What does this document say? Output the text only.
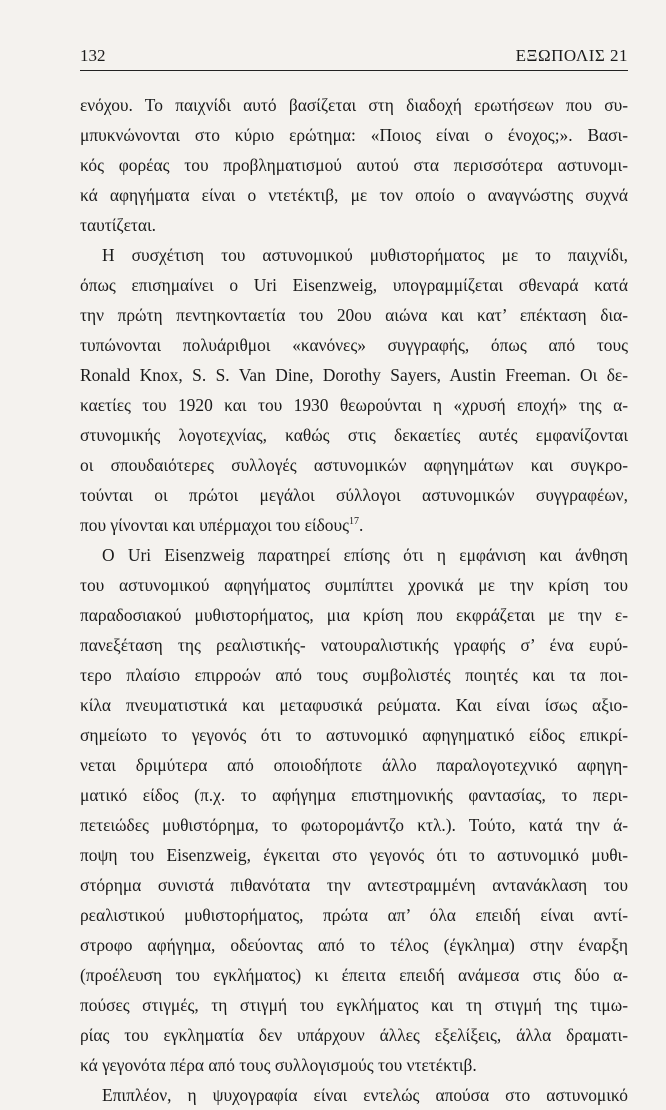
132	ΕΞΩΠΟΛΙΣ 21
ενόχου. Το παιχνίδι αυτό βασίζεται στη διαδοχή ερωτήσεων που συ-
μπυκνώνονται στο κύριο ερώτημα: «Ποιος είναι ο ένοχος;». Βασι-
κός φορέας του προβληματισμού αυτού στα περισσότερα αστυνομι-
κά αφηγήματα είναι ο ντετέκτιβ, με τον οποίο ο αναγνώστης συχνά
ταυτίζεται.
Η συσχέτιση του αστυνομικού μυθιστορήματος με το παιχνίδι,
όπως επισημαίνει ο Uri Eisenzweig, υπογραμμίζεται σθεναρά κατά
την πρώτη πεντηκονταετία του 20ου αιώνα και κατ’ επέκταση δια-
τυπώνονται πολυάριθμοι «κανόνες» συγγραφής, όπως από τους
Ronald Knox, S. S. Van Dine, Dorothy Sayers, Austin Freeman. Οι δε-
καετίες του 1920 και του 1930 θεωρούνται η «χρυσή εποχή» της α-
στυνομικής λογοτεχνίας, καθώς στις δεκαετίες αυτές εμφανίζονται
οι σπουδαιότερες συλλογές αστυνομικών αφηγημάτων και συγκρο-
τούνται οι πρώτοι μεγάλοι σύλλογοι αστυνομικών συγγραφέων,
που γίνονται και υπέρμαχοι του είδους$^{17}$.
Ο Uri Eisenzweig παρατηρεί επίσης ότι η εμφάνιση και άνθηση
του αστυνομικού αφηγήματος συμπίπτει χρονικά με την κρίση του
παραδοσιακού μυθιστορήματος, μια κρίση που εκφράζεται με την ε-
πανεξέταση της ρεαλιστικής- νατουραλιστικής γραφής σ’ ένα ευρύ-
τερο πλαίσιο επιρροών από τους συμβολιστές ποιητές και τα ποι-
κίλα πνευματιστικά και μεταφυσικά ρεύματα. Και είναι ίσως αξιο-
σημείωτο το γεγονός ότι το αστυνομικό αφηγηματικό είδος επικρί-
νεται δριμύτερα από οποιοδήποτε άλλο παραλογοτεχνικό αφηγη-
ματικό είδος (π.χ. το αφήγημα επιστημονικής φαντασίας, το περι-
πετειώδες μυθιστόρημα, το φωτορομάντζο κτλ.). Τούτο, κατά την ά-
ποψη του Eisenzweig, έγκειται στο γεγονός ότι το αστυνομικό μυθι-
στόρημα συνιστά πιθανότατα την αντεστραμμένη αντανάκλαση του
ρεαλιστικού μυθιστορήματος, πρώτα απ’ όλα επειδή είναι αντί-
στροφο αφήγημα, οδεύοντας από το τέλος (έγκλημα) στην έναρξη
(προέλευση του εγκλήματος) κι έπειτα επειδή ανάμεσα στις δύο α-
πούσες στιγμές, τη στιγμή του εγκλήματος και τη στιγμή της τιμω-
ρίας του εγκληματία δεν υπάρχουν άλλες εξελίξεις, άλλα δραματι-
κά γεγονότα πέρα από τους συλλογισμούς του ντετέκτιβ.
Επιπλέον, η ψυχογραφία είναι εντελώς απούσα στο αστυνομικό
